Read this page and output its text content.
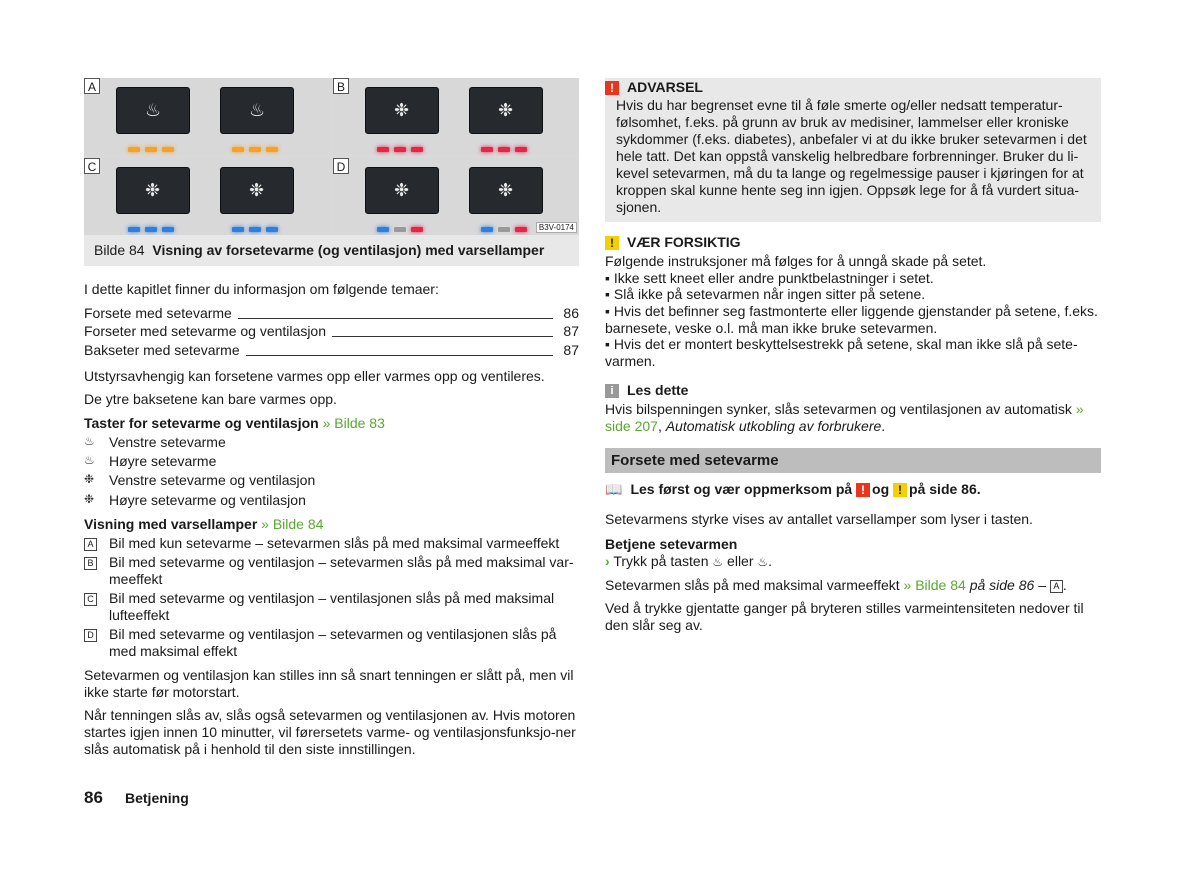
A
♨	♨
B
❉	❉
C
❉	❉
D
❉	❉
B3V-0174
Bilde 84 Visning av forsetevarme (og ventilasjon) med varsellamper
I dette kapitlet finner du informasjon om følgende temaer:
Forsete med setevarme	86
Forseter med setevarme og ventilasjon	87
Bakseter med setevarme	87
Utstyrsavhengig kan forsetene varmes opp eller varmes opp og ventileres.
De ytre baksetene kan bare varmes opp.
Taster for setevarme og ventilasjon » Bilde 83
♨ Venstre setevarme
♨ Høyre setevarme
❉ Venstre setevarme og ventilasjon
❉ Høyre setevarme og ventilasjon
Visning med varsellamper » Bilde 84
A Bil med kun setevarme – setevarmen slås på med maksimal varmeeffekt
B Bil med setevarme og ventilasjon – setevarmen slås på med maksimal var-meeffekt
C Bil med setevarme og ventilasjon – ventilasjonen slås på med maksimal lufteeffekt
D Bil med setevarme og ventilasjon – setevarmen og ventilasjonen slås på med maksimal effekt
Setevarmen og ventilasjon kan stilles inn så snart tenningen er slått på, men vil ikke starte før motorstart.
Når tenningen slås av, slås også setevarmen og ventilasjonen av. Hvis motoren startes igjen innen 10 minutter, vil førersetets varme- og ventilasjonsfunksjo-ner slås automatisk på i henhold til den siste innstillingen.
! ADVARSEL
Hvis du har begrenset evne til å føle smerte og/eller nedsatt temperatur-følsomhet, f.eks. på grunn av bruk av medisiner, lammelser eller kroniske sykdommer (f.eks. diabetes), anbefaler vi at du ikke bruker setevarmen i det hele tatt. Det kan oppstå vanskelig helbredbare forbrenninger. Bruker du li-kevel setevarmen, må du ta lange og regelmessige pauser i kjøringen for at kroppen skal kunne hente seg inn igjen. Oppsøk lege for å få vurdert situa-sjonen.
! VÆR FORSIKTIG
Følgende instruksjoner må følges for å unngå skade på setet.
▪ Ikke sett kneet eller andre punktbelastninger i setet.
▪ Slå ikke på setevarmen når ingen sitter på setene.
▪ Hvis det befinner seg fastmonterte eller liggende gjenstander på setene, f.eks. barnesete, veske o.l. må man ikke bruke setevarmen.
▪ Hvis det er montert beskyttelsestrekk på setene, skal man ikke slå på sete-varmen.
i Les dette
Hvis bilspenningen synker, slås setevarmen og ventilasjonen av automatisk » side 207, Automatisk utkobling av forbrukere.
Forsete med setevarme
📖 Les først og vær oppmerksom på ! og ! på side 86.
Setevarmens styrke vises av antallet varsellamper som lyser i tasten.
Betjene setevarmen
› Trykk på tasten ♨ eller ♨.
Setevarmen slås på med maksimal varmeeffekt » Bilde 84 på side 86 – A .
Ved å trykke gjentatte ganger på bryteren stilles varmeintensiteten nedover til den slår seg av.
86 Betjening
